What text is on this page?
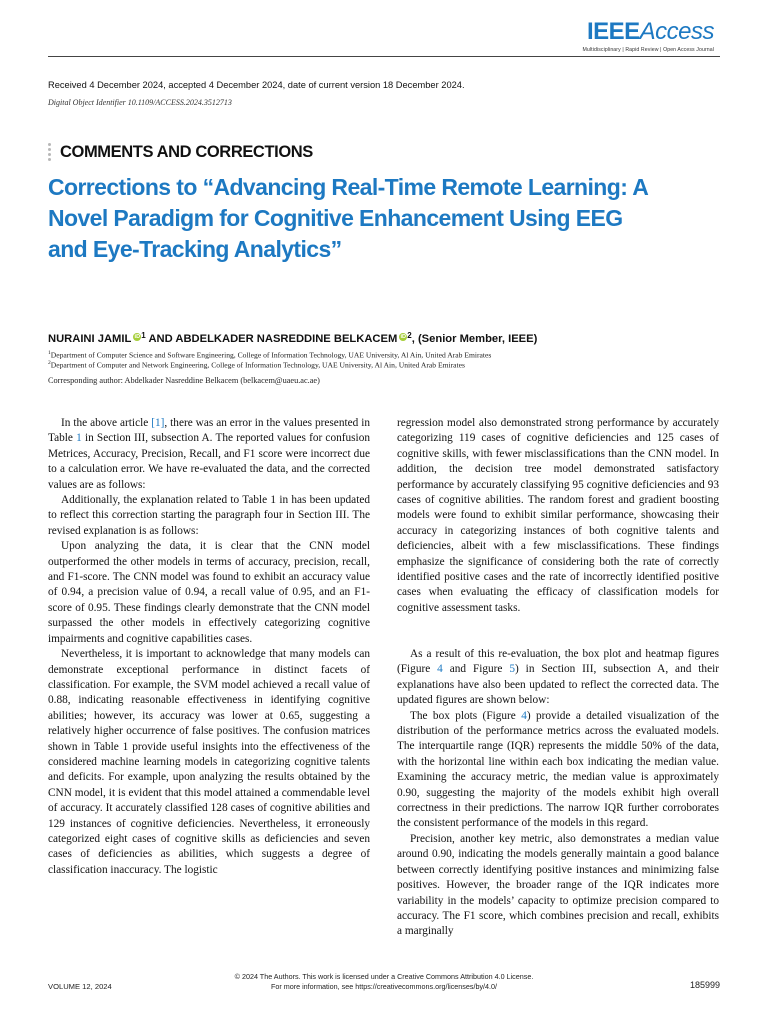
IEEEAccess
Multidisciplinary | Rapid Review | Open Access Journal
Received 4 December 2024, accepted 4 December 2024, date of current version 18 December 2024.
Digital Object Identifier 10.1109/ACCESS.2024.3512713
COMMENTS AND CORRECTIONS
Corrections to “Advancing Real-Time Remote Learning: A Novel Paradigm for Cognitive Enhancement Using EEG and Eye-Tracking Analytics”
NURAINI JAMIL $iD^1$ AND ABDELKADER NASREDDINE BELKACEM $iD^2$, (Senior Member, IEEE)
$^1$Department of Computer Science and Software Engineering, College of Information Technology, UAE University, Al Ain, United Arab Emirates
$^2$Department of Computer and Network Engineering, College of Information Technology, UAE University, Al Ain, United Arab Emirates
Corresponding author: Abdelkader Nasreddine Belkacem (belkacem@uaeu.ac.ae)

In the above article [1], there was an error in the values presented in Table 1 in Section III, subsection A. The reported values for confusion Metrices, Accuracy, Precision, Recall, and F1 score were incorrect due to a calculation error. We have re-evaluated the data, and the corrected values are as follows:

Additionally, the explanation related to Table 1 in has been updated to reflect this correction starting the paragraph four in Section III. The revised explanation is as follows:

Upon analyzing the data, it is clear that the CNN model outperformed the other models in terms of accuracy, precision, recall, and F1-score. The CNN model was found to exhibit an accuracy value of 0.94, a precision value of 0.94, a recall value of 0.95, and an F1-score of 0.95. These findings clearly demonstrate that the CNN model surpassed the other models in effectively categorizing cognitive impairments and cognitive capabilities cases.

Nevertheless, it is important to acknowledge that many models can demonstrate exceptional performance in distinct facets of classification. For example, the SVM model achieved a recall value of 0.88, indicating reasonable effectiveness in identifying cognitive abilities; however, its accuracy was lower at 0.65, suggesting a relatively higher occurrence of false positives. The confusion matrices shown in Table 1 provide useful insights into the effectiveness of the considered machine learning models in categorizing cognitive talents and deficits. For example, upon analyzing the results obtained by the CNN model, it is evident that this model attained a commendable level of accuracy. It accurately classified 128 cases of cognitive abilities and 129 instances of cognitive deficiencies. Nevertheless, it erroneously categorized eight cases of cognitive skills as deficiencies and seven cases of deficiencies as abilities, which suggests a degree of classification inaccuracy. The logistic

regression model also demonstrated strong performance by accurately categorizing 119 cases of cognitive deficiencies and 125 cases of cognitive skills, with fewer misclassifications than the CNN model. In addition, the decision tree model demonstrated satisfactory performance by accurately classifying 95 cognitive deficiencies and 93 cases of cognitive abilities. The random forest and gradient boosting models were found to exhibit similar performance, showcasing their accuracy in categorizing instances of both cognitive talents and deficiencies, albeit with a few misclassifications. These findings emphasize the significance of considering both the rate of correctly identified positive cases and the rate of incorrectly identified positive cases when evaluating the efficacy of classification models for cognitive assessment tasks.

As a result of this re-evaluation, the box plot and heatmap figures (Figure 4 and Figure 5) in Section III, subsection A, and their explanations have also been updated to reflect the corrected data. The updated figures are shown below:

The box plots (Figure 4) provide a detailed visualization of the distribution of the performance metrics across the evaluated models. The interquartile range (IQR) represents the middle 50% of the data, with the horizontal line within each box indicating the median value. Examining the accuracy metric, the median value is approximately 0.90, suggesting the majority of the models exhibit high overall correctness in their predictions. The narrow IQR further corroborates the consistent performance of the models in this regard.

Precision, another key metric, also demonstrates a median value around 0.90, indicating the models generally maintain a good balance between correctly identifying positive instances and minimizing false positives. However, the broader range of the IQR indicates more variability in the models’ capacity to optimize precision compared to accuracy. The F1 score, which combines precision and recall, exhibits a marginally

© 2024 The Authors. This work is licensed under a Creative Commons Attribution 4.0 License.
For more information, see https://creativecommons.org/licenses/by/4.0/
VOLUME 12, 2024	185999
